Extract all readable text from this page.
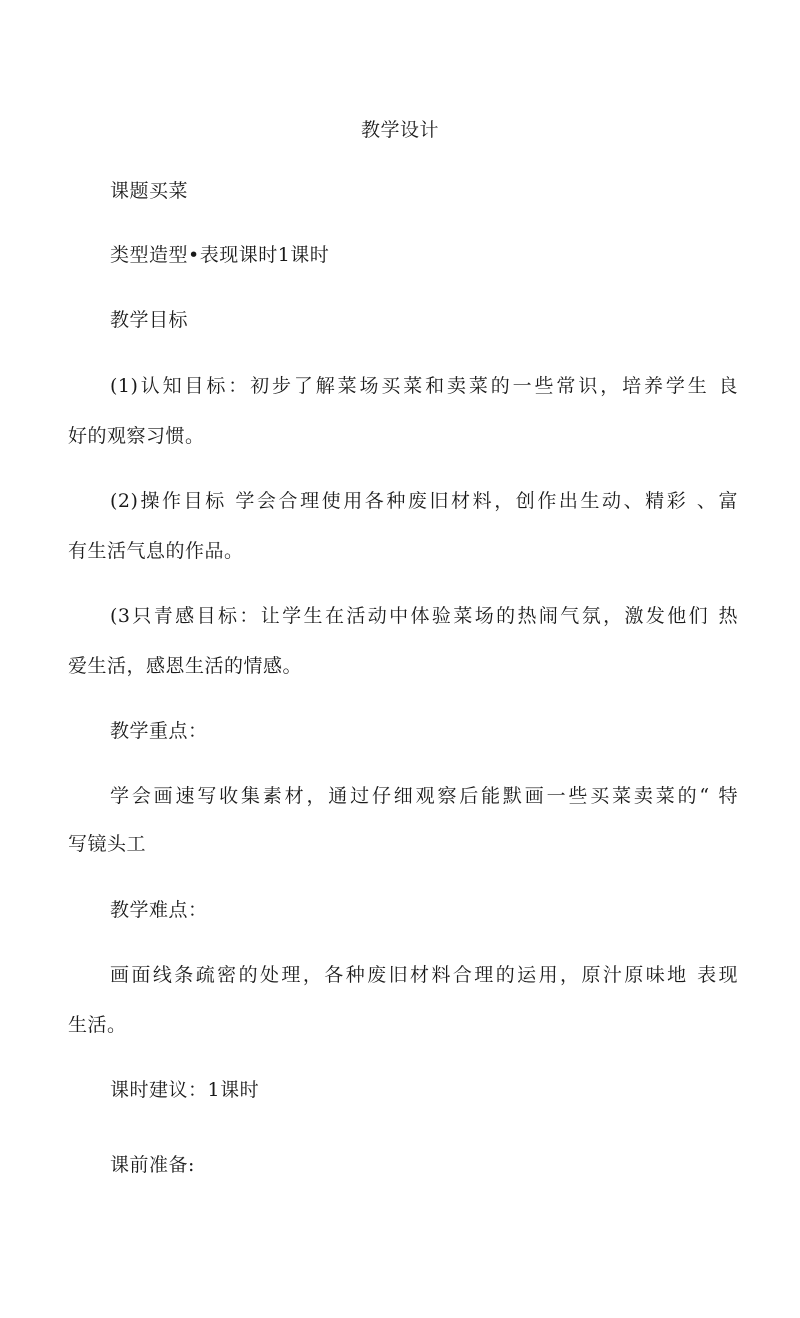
教学设计
课题买菜
类型造型•表现课时1课时
教学目标
(1)认知目标：初步了解菜场买菜和卖菜的一些常识，培养学生 良
好的观察习惯。
(2)操作目标 学会合理使用各种废旧材料，创作出生动、精彩 、富
有生活气息的作品。
(3只青感目标：让学生在活动中体验菜场的热闹气氛，激发他们 热
爱生活，感恩生活的情感。
教学重点：
学会画速写收集素材，通过仔细观察后能默画一些买菜卖菜的“ 特
写镜头工
教学难点：
画面线条疏密的处理，各种废旧材料合理的运用，原汁原味地 表现
生活。
课时建议：1课时
课前准备:
